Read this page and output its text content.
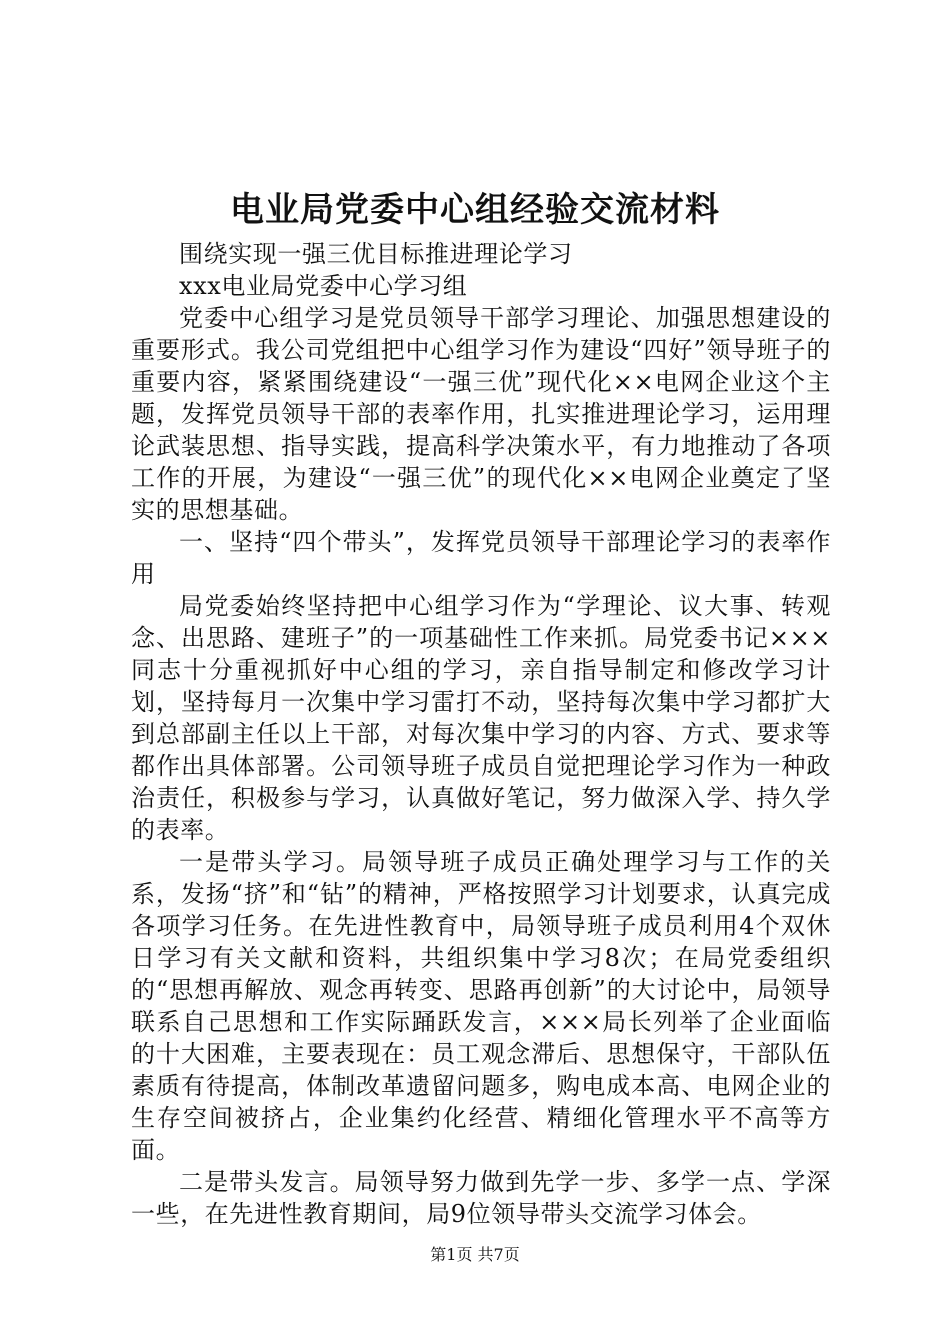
电业局党委中心组经验交流材料

围绕实现一强三优目标推进理论学习

xxx电业局党委中心学习组

党委中心组学习是党员领导干部学习理论、加强思想建设的重要形式。我公司党组把中心组学习作为建设“四好”领导班子的重要内容，紧紧围绕建设“一强三优”现代化××电网企业这个主题，发挥党员领导干部的表率作用，扎实推进理论学习，运用理论武装思想、指导实践，提高科学决策水平，有力地推动了各项工作的开展，为建设“一强三优”的现代化××电网企业奠定了坚实的思想基础。

一、坚持“四个带头”，发挥党员领导干部理论学习的表率作用

局党委始终坚持把中心组学习作为“学理论、议大事、转观念、出思路、建班子”的一项基础性工作来抓。局党委书记×××同志十分重视抓好中心组的学习，亲自指导制定和修改学习计划，坚持每月一次集中学习雷打不动，坚持每次集中学习都扩大到总部副主任以上干部，对每次集中学习的内容、方式、要求等都作出具体部署。公司领导班子成员自觉把理论学习作为一种政治责任，积极参与学习，认真做好笔记，努力做深入学、持久学的表率。

一是带头学习。局领导班子成员正确处理学习与工作的关系，发扬“挤”和“钻”的精神，严格按照学习计划要求，认真完成各项学习任务。在先进性教育中，局领导班子成员利用4个双休日学习有关文献和资料，共组织集中学习8次；在局党委组织的“思想再解放、观念再转变、思路再创新”的大讨论中，局领导联系自己思想和工作实际踊跃发言，×××局长列举了企业面临的十大困难，主要表现在：员工观念滞后、思想保守，干部队伍素质有待提高，体制改革遗留问题多，购电成本高、电网企业的生存空间被挤占，企业集约化经营、精细化管理水平不高等方面。

二是带头发言。局领导努力做到先学一步、多学一点、学深一些，在先进性教育期间，局9位领导带头交流学习体会。

第1页 共7页
